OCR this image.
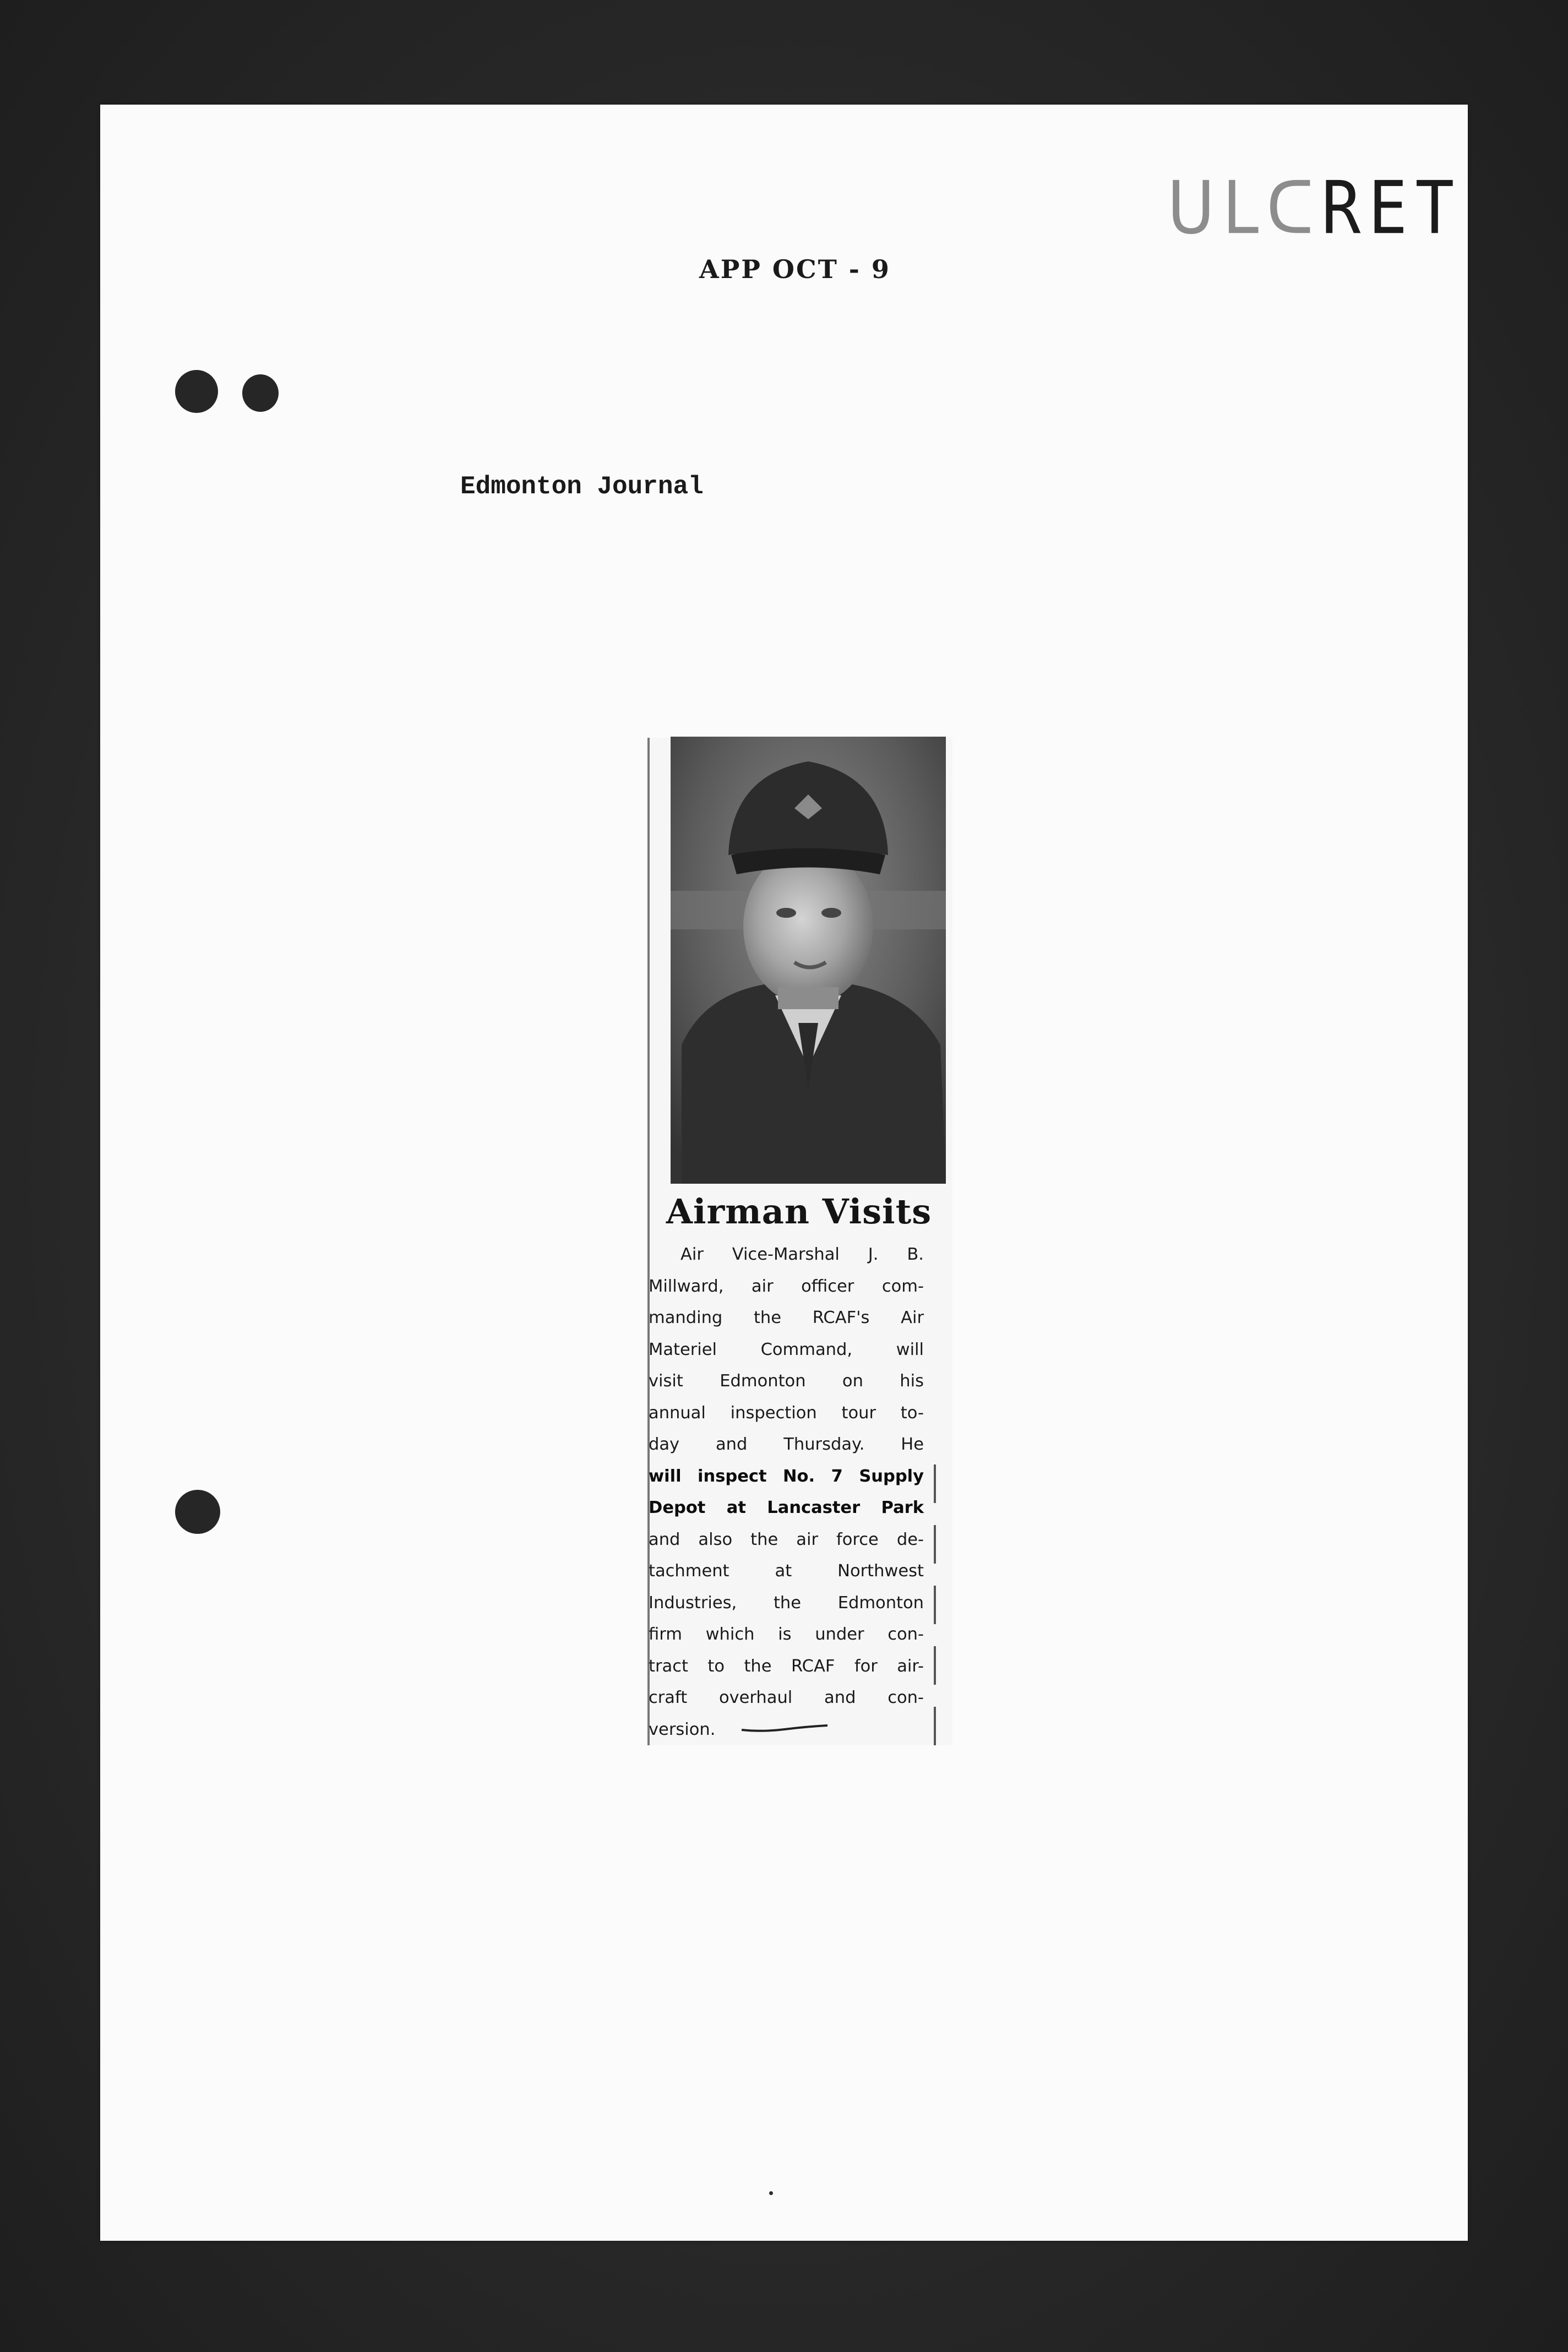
ᑌᒪᑕRET
APP OCT - 9
Edmonton Journal
Airman Visits
Air Vice-Marshal J. B.
Millward, air officer com-
manding the RCAF's Air
Materiel Command, will
visit Edmonton on his
annual inspection tour to-
day and Thursday. He
will inspect No. 7 Supply
Depot at Lancaster Park
and also the air force de-
tachment at Northwest
Industries, the Edmonton
firm which is under con-
tract to the RCAF for air-
craft overhaul and con-
version.
